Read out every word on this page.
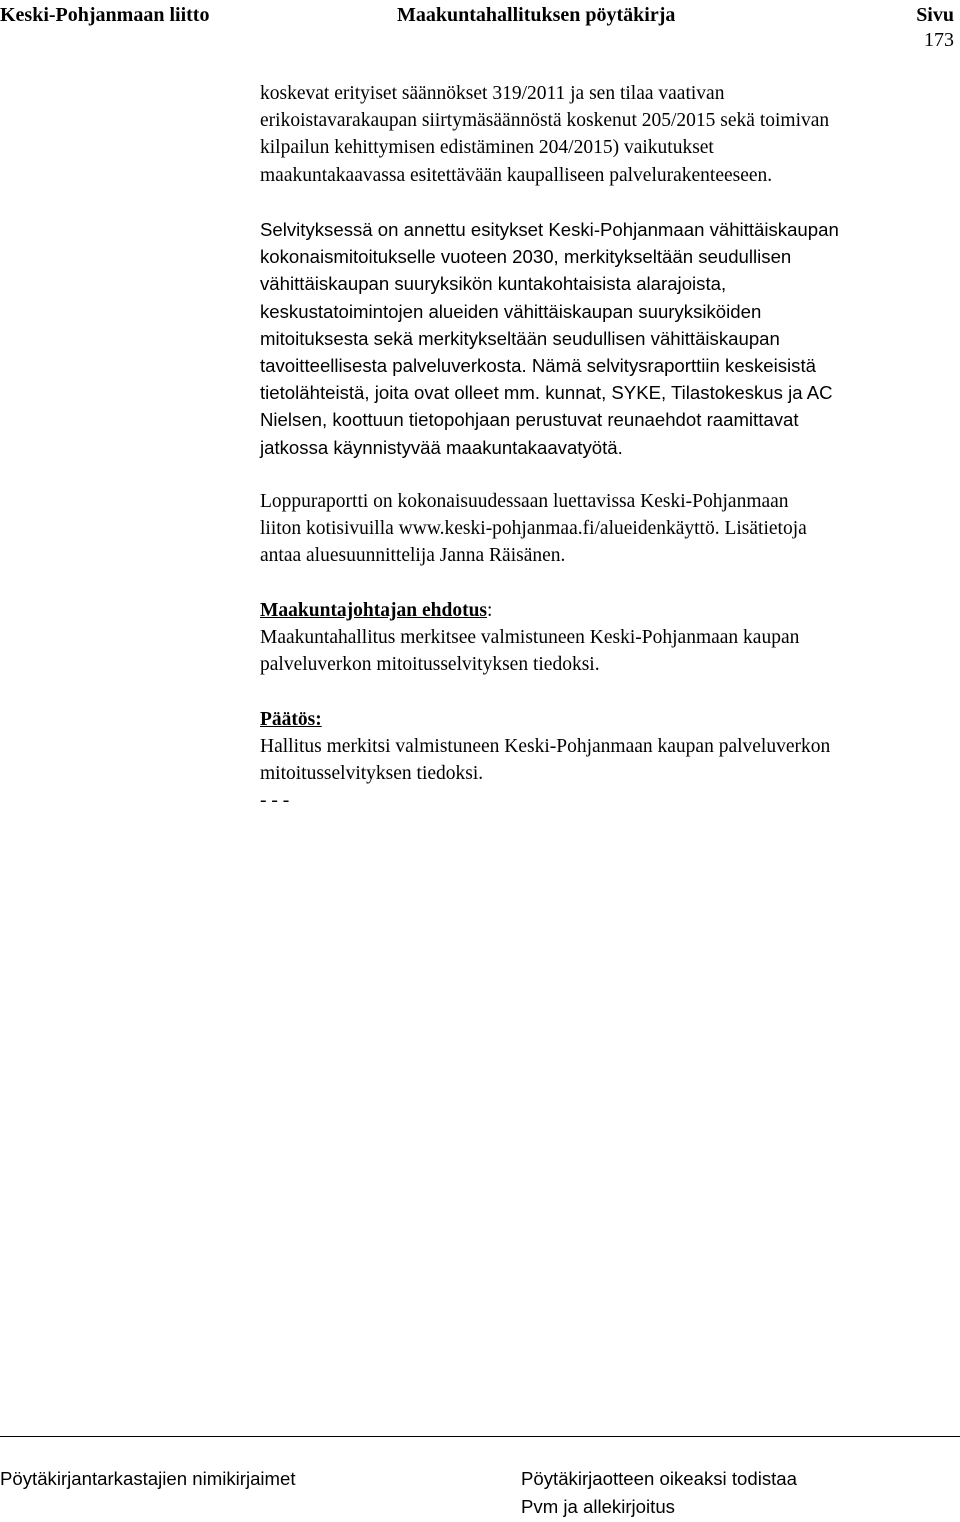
Keski-Pohjanmaan liitto	Maakuntahallituksen pöytäkirja	Sivu
173

koskevat erityiset säännökset 319/2011 ja sen tilaa vaativan

erikoistavarakaupan siirtymäsäännöstä koskenut 205/2015 sekä toimivan

kilpailun kehittymisen edistäminen 204/2015) vaikutukset

maakuntakaavassa esitettävään kaupalliseen palvelurakenteeseen.

Selvityksessä on annettu esitykset Keski-Pohjanmaan vähittäiskaupan

kokonaismitoitukselle vuoteen 2030, merkitykseltään seudullisen

vähittäiskaupan suuryksikön kuntakohtaisista alarajoista,

keskustatoimintojen alueiden vähittäiskaupan suuryksiköiden

mitoituksesta sekä merkitykseltään seudullisen vähittäiskaupan

tavoitteellisesta palveluverkosta. Nämä selvitysraporttiin keskeisistä

tietolähteistä, joita ovat olleet mm. kunnat, SYKE, Tilastokeskus ja AC

Nielsen, koottuun tietopohjaan perustuvat reunaehdot raamittavat

jatkossa käynnistyvää maakuntakaavatyötä.

Loppuraportti on kokonaisuudessaan luettavissa Keski-Pohjanmaan

liiton kotisivuilla www.keski-pohjanmaa.fi/alueidenkäyttö. Lisätietoja

antaa aluesuunnittelija Janna Räisänen.

Maakuntajohtajan ehdotus:

Maakuntahallitus merkitsee valmistuneen Keski-Pohjanmaan kaupan

palveluverkon mitoitusselvityksen tiedoksi.

Päätös:

Hallitus merkitsi valmistuneen Keski-Pohjanmaan kaupan palveluverkon

mitoitusselvityksen tiedoksi.

- - -

Pöytäkirjantarkastajien nimikirjaimet	Pöytäkirjaotteen oikeaksi todistaa
Pvm ja allekirjoitus
